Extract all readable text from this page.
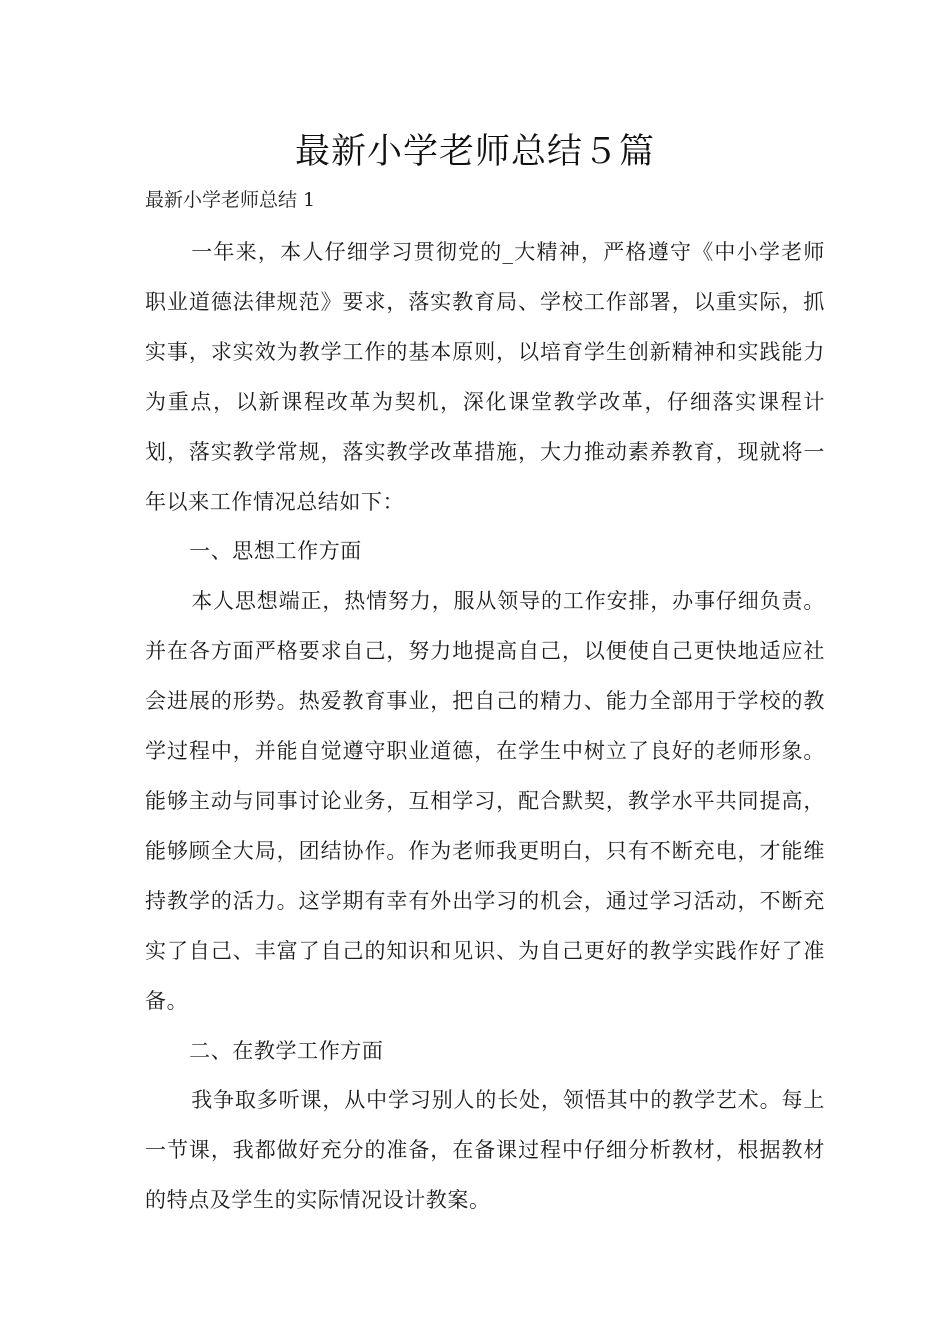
最新小学老师总结５篇
最新小学老师总结 1

一年来，本人仔细学习贯彻党的_大精神，严格遵守《中小学老师职业道德法律规范》要求，落实教育局、学校工作部署，以重实际，抓实事，求实效为教学工作的基本原则，以培育学生创新精神和实践能力为重点，以新课程改革为契机，深化课堂教学改革，仔细落实课程计划，落实教学常规，落实教学改革措施，大力推动素养教育，现就将一年以来工作情况总结如下：

一、思想工作方面

本人思想端正，热情努力，服从领导的工作安排，办事仔细负责。并在各方面严格要求自己，努力地提高自己，以便使自己更快地适应社会进展的形势。热爱教育事业，把自己的精力、能力全部用于学校的教学过程中，并能自觉遵守职业道德，在学生中树立了良好的老师形象。能够主动与同事讨论业务，互相学习，配合默契，教学水平共同提高，能够顾全大局，团结协作。作为老师我更明白，只有不断充电，才能维持教学的活力。这学期有幸有外出学习的机会，通过学习活动，不断充实了自己、丰富了自己的知识和见识、为自己更好的教学实践作好了准备。

二、在教学工作方面

我争取多听课，从中学习别人的长处，领悟其中的教学艺术。每上一节课，我都做好充分的准备，在备课过程中仔细分析教材，根据教材的特点及学生的实际情况设计教案。
